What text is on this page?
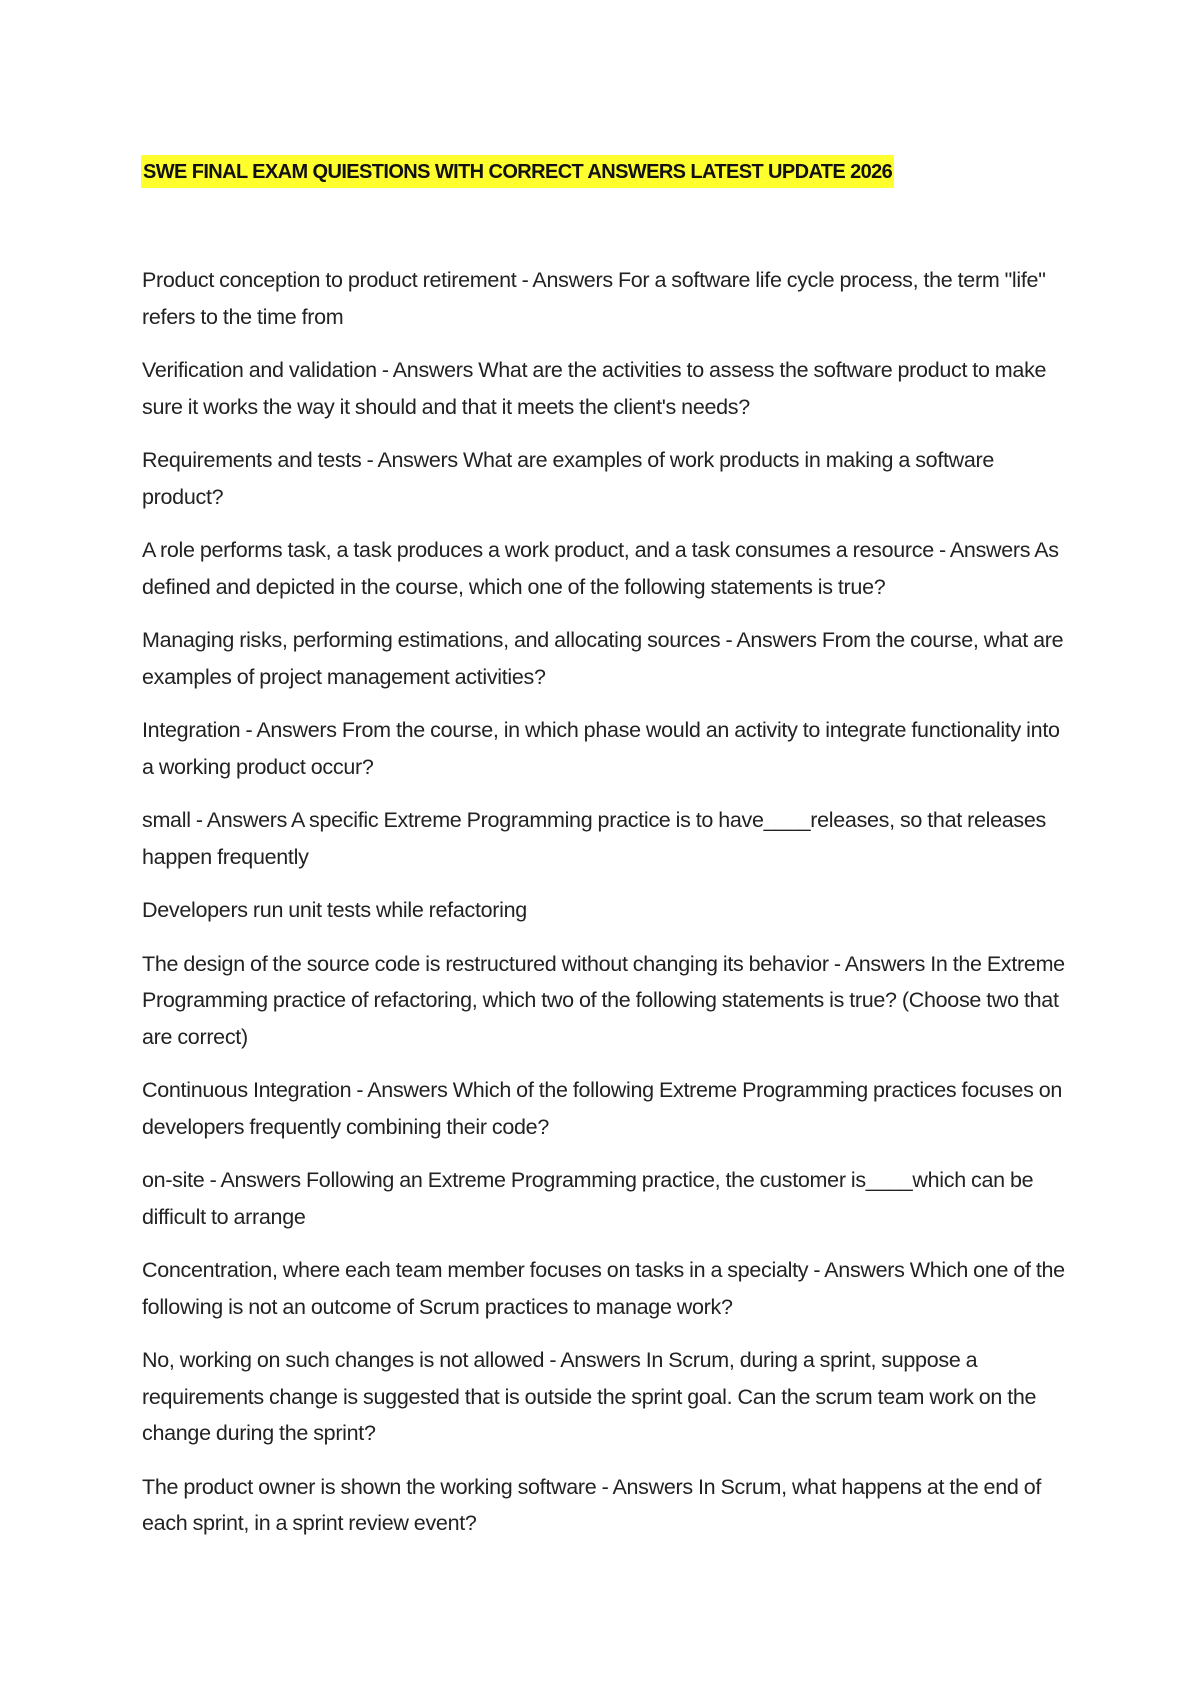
SWE FINAL EXAM QUIESTIONS WITH CORRECT ANSWERS LATEST UPDATE 2026

Product conception to product retirement - Answers For a software life cycle process, the term "life" refers to the time from

Verification and validation - Answers What are the activities to assess the software product to make sure it works the way it should and that it meets the client's needs?

Requirements and tests - Answers What are examples of work products in making a software product?

A role performs task, a task produces a work product, and a task consumes a resource - Answers As defined and depicted in the course, which one of the following statements is true?

Managing risks, performing estimations, and allocating sources - Answers From the course, what are examples of project management activities?

Integration - Answers From the course, in which phase would an activity to integrate functionality into a working product occur?

small - Answers A specific Extreme Programming practice is to have____releases, so that releases happen frequently

Developers run unit tests while refactoring

The design of the source code is restructured without changing its behavior - Answers In the Extreme Programming practice of refactoring, which two of the following statements is true? (Choose two that are correct)

Continuous Integration - Answers Which of the following Extreme Programming practices focuses on developers frequently combining their code?

on-site - Answers Following an Extreme Programming practice, the customer is____which can be difficult to arrange

Concentration, where each team member focuses on tasks in a specialty - Answers Which one of the following is not an outcome of Scrum practices to manage work?

No, working on such changes is not allowed - Answers In Scrum, during a sprint, suppose a requirements change is suggested that is outside the sprint goal. Can the scrum team work on the change during the sprint?

The product owner is shown the working software - Answers In Scrum, what happens at the end of each sprint, in a sprint review event?
